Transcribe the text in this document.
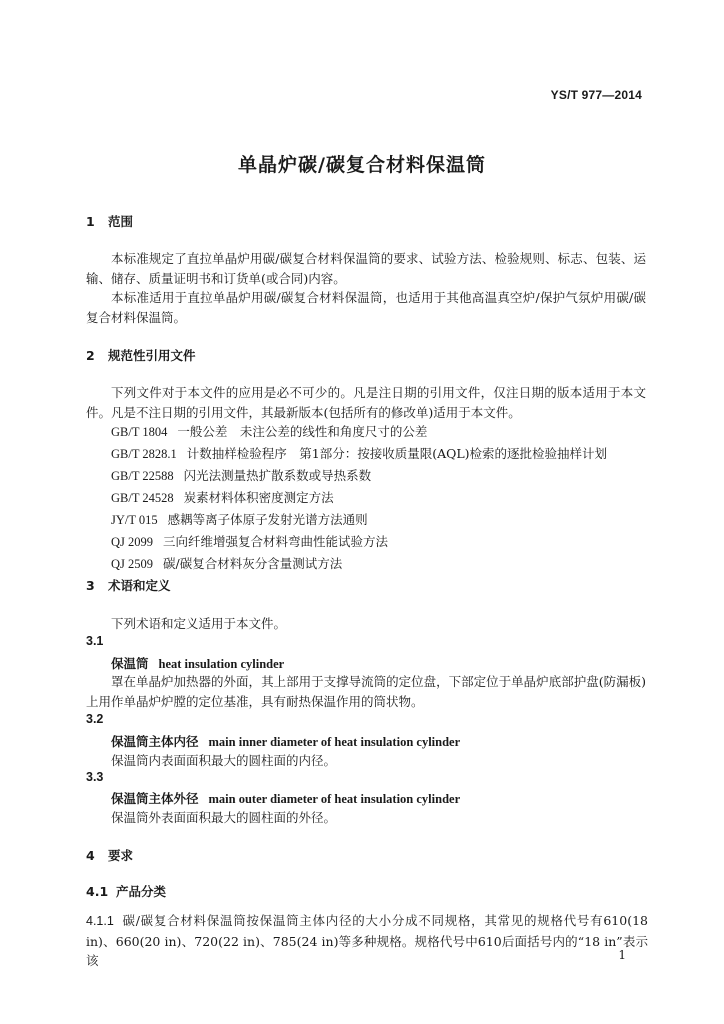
YS/T 977—2014
单晶炉碳/碳复合材料保温筒
1 范围
本标准规定了直拉单晶炉用碳/碳复合材料保温筒的要求、试验方法、检验规则、标志、包装、运输、储存、质量证明书和订货单(或合同)内容。
本标准适用于直拉单晶炉用碳/碳复合材料保温筒，也适用于其他高温真空炉/保护气氛炉用碳/碳复合材料保温筒。
2 规范性引用文件
下列文件对于本文件的应用是必不可少的。凡是注日期的引用文件，仅注日期的版本适用于本文件。凡是不注日期的引用文件，其最新版本(包括所有的修改单)适用于本文件。
GB/T 1804 一般公差　未注公差的线性和角度尺寸的公差
GB/T 2828.1 计数抽样检验程序　第1部分：按接收质量限(AQL)检索的逐批检验抽样计划
GB/T 22588 闪光法测量热扩散系数或导热系数
GB/T 24528 炭素材料体积密度测定方法
JY/T 015 感耦等离子体原子发射光谱方法通则
QJ 2099 三向纤维增强复合材料弯曲性能试验方法
QJ 2509 碳/碳复合材料灰分含量测试方法
3 术语和定义
下列术语和定义适用于本文件。
3.1
保温筒 heat insulation cylinder
罩在单晶炉加热器的外面，其上部用于支撑导流筒的定位盘，下部定位于单晶炉底部护盘(防漏板)上用作单晶炉炉膛的定位基准，具有耐热保温作用的筒状物。
3.2
保温筒主体内径 main inner diameter of heat insulation cylinder
保温筒内表面面积最大的圆柱面的内径。
3.3
保温筒主体外径 main outer diameter of heat insulation cylinder
保温筒外表面面积最大的圆柱面的外径。
4 要求
4.1 产品分类
4.1.1 碳/碳复合材料保温筒按保温筒主体内径的大小分成不同规格，其常见的规格代号有610(18 in)、660(20 in)、720(22 in)、785(24 in)等多种规格。规格代号中610后面括号内的“18 in”表示该	1
